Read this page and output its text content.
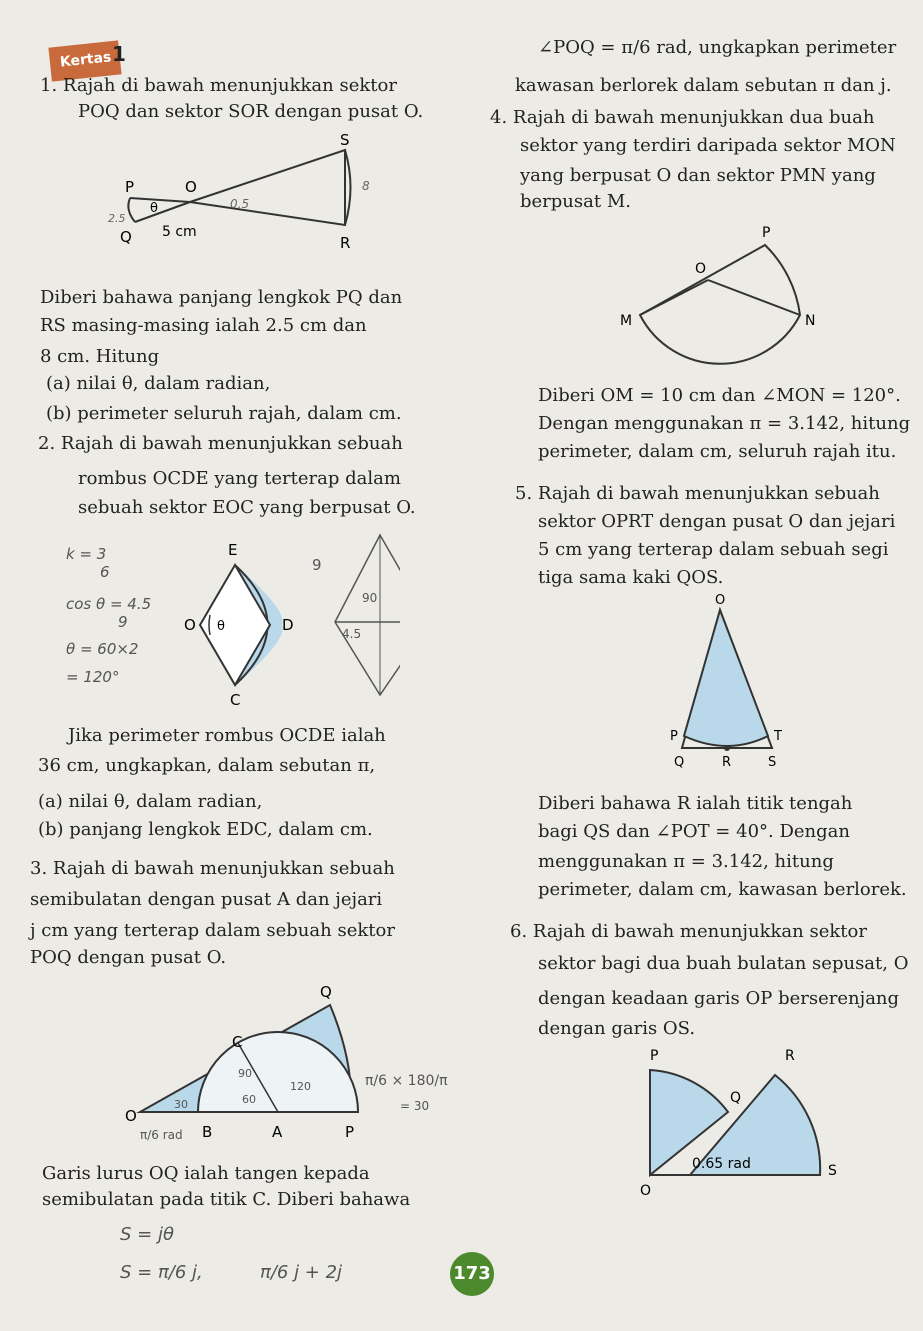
Kertas 1
1. Rajah di bawah menunjukkan sektor
POQ dan sektor SOR dengan pusat O.
S
P	O
Q	R
θ
5 cm
2.5
0.5
8
Diberi bahawa panjang lengkok PQ dan
RS masing-masing ialah 2.5 cm dan
8 cm. Hitung
(a) nilai θ, dalam radian,
(b) perimeter seluruh rajah, dalam cm.
2. Rajah di bawah menunjukkan sebuah
rombus OCDE yang terterap dalam
sebuah sektor EOC yang berpusat O.
E
O θ	D
C
9
90
4.5
k = 3
6
cos θ = 4.5
9
θ = 60×2
= 120°
Jika perimeter rombus OCDE ialah
36 cm, ungkapkan, dalam sebutan π,
(a) nilai θ, dalam radian,
(b) panjang lengkok EDC, dalam cm.
3. Rajah di bawah menunjukkan sebuah
semibulatan dengan pusat A dan jejari
j cm yang terterap dalam sebuah sektor
POQ dengan pusat O.
Q
C
O
B	A	P
90
60
120
30
π/6 rad
π/6 × 180/π
= 30
Garis lurus OQ ialah tangen kepada
semibulatan pada titik C. Diberi bahawa
S = jθ
S = π/6 j,	π/6 j + 2j
∠POQ = π/6 rad, ungkapkan perimeter
kawasan berlorek dalam sebutan π dan j.
4. Rajah di bawah menunjukkan dua buah
sektor yang terdiri daripada sektor MON
yang berpusat O dan sektor PMN yang
berpusat M.
P
O
M	N
Diberi OM = 10 cm dan ∠MON = 120°.
Dengan menggunakan π = 3.142, hitung
perimeter, dalam cm, seluruh rajah itu.
5. Rajah di bawah menunjukkan sebuah
sektor OPRT dengan pusat O dan jejari
5 cm yang terterap dalam sebuah segi
tiga sama kaki QOS.
O
P	T
Q	R	S
Diberi bahawa R ialah titik tengah
bagi QS dan ∠POT = 40°. Dengan
menggunakan π = 3.142, hitung
perimeter, dalam cm, kawasan berlorek.
6. Rajah di bawah menunjukkan sektor
sektor bagi dua buah bulatan sepusat, O
dengan keadaan garis OP berserenjang
dengan garis OS.
P	R
Q
O
S
0.65 rad
173
